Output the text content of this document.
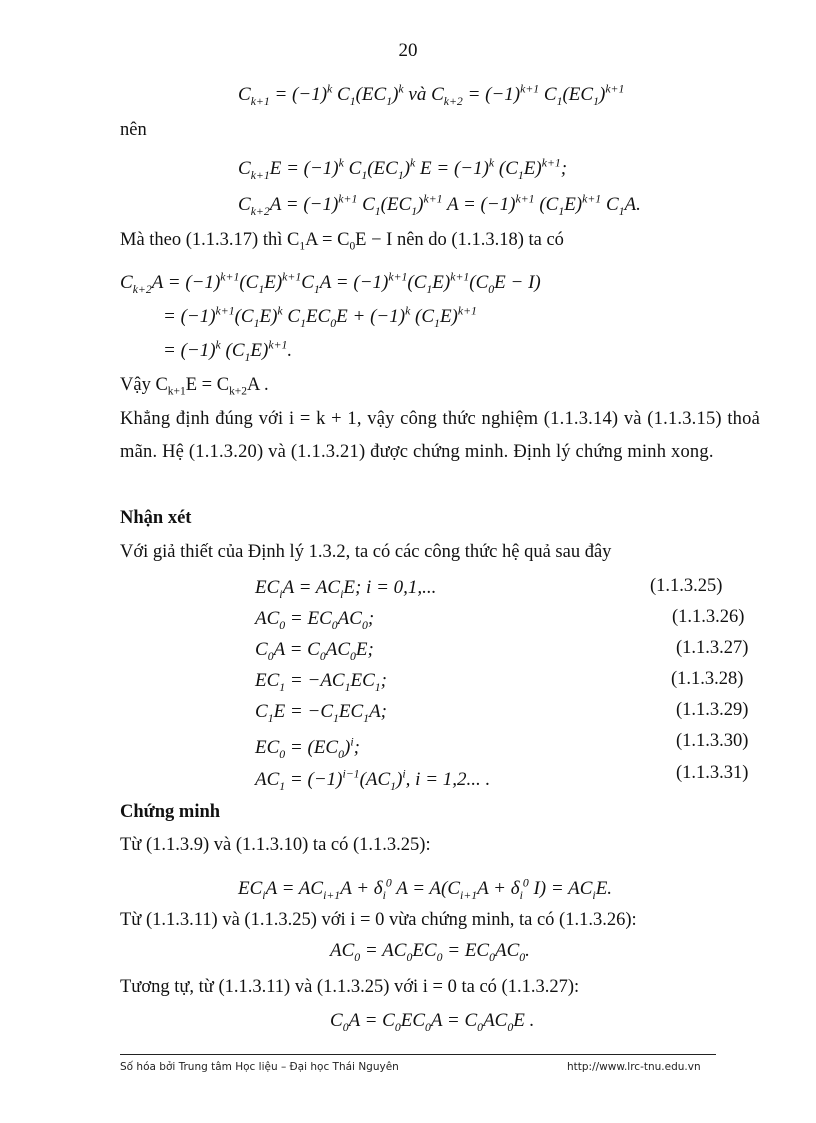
20
$C_{k+1} = (-1)^k$ $C_1(EC_1)^k$ và $C_{k+2} = (-1)^{k+1}$ $C_1(EC_1)^{k+1}$
nên
$C_{k+1}E = (-1)^k$ $C_1(EC_1)^k$ $E = (-1)^k$ $(C_1E)^{k+1}$;
$C_{k+2}A = (-1)^{k+1}$ $C_1(EC_1)^{k+1}$ $A = (-1)^{k+1}$ $(C_1E)^{k+1}$ $C_1A$.
Mà theo (1.1.3.17) thì $C_1A = C_0E - I$ nên do (1.1.3.18) ta có
$C_{k+2}A = (-1)^{k+1}(C_1E)^{k+1}C_1A = (-1)^{k+1}(C_1E)^{k+1}(C_0E - I)$
= $(-1)^{k+1}(C_1E)^k$ $C_1EC_0E + (-1)^k$ $(C_1E)^{k+1}$
= $(-1)^k$ $(C_1E)^{k+1}$.
Vậy $C_{k+1}E = C_{k+2}A$ .
Khẳng định đúng với i = k + 1, vậy công thức nghiệm (1.1.3.14) và (1.1.3.15) thoả mãn. Hệ (1.1.3.20) và (1.1.3.21) được chứng minh. Định lý chứng minh xong.
Nhận xét
Với giả thiết của Định lý 1.3.2, ta có các công thức hệ quả sau đây
$EC_iA = AC_iE$; i = 0,1,...	(1.1.3.25)
$AC_0 = EC_0AC_0$;	(1.1.3.26)
$C_0A = C_0AC_0E$;	(1.1.3.27)
$EC_1 = -AC_1EC_1$;	(1.1.3.28)
$C_1E = -C_1EC_1A$;	(1.1.3.29)
$EC_0 = (EC_0)^i$;	(1.1.3.30)
$AC_1 = (-1)^{i-1}(AC_1)^i$, i = 1,2... .	(1.1.3.31)
Chứng minh
Từ (1.1.3.9) và (1.1.3.10) ta có (1.1.3.25):
$EC_iA = AC_{i+1}A + \delta_i^0$ $A = A(C_{i+1}A + \delta_i^0$ $I) = AC_iE$.
Từ (1.1.3.11) và (1.1.3.25) với i = 0 vừa chứng minh, ta có (1.1.3.26):
$AC_0 = AC_0EC_0 = EC_0AC_0$.
Tương tự, từ (1.1.3.11) và (1.1.3.25) với i = 0 ta có (1.1.3.27):
$C_0A = C_0EC_0A = C_0AC_0E$ .
Số hóa bởi Trung tâm Học liệu – Đại học Thái Nguyên	http://www.lrc-tnu.edu.vn
